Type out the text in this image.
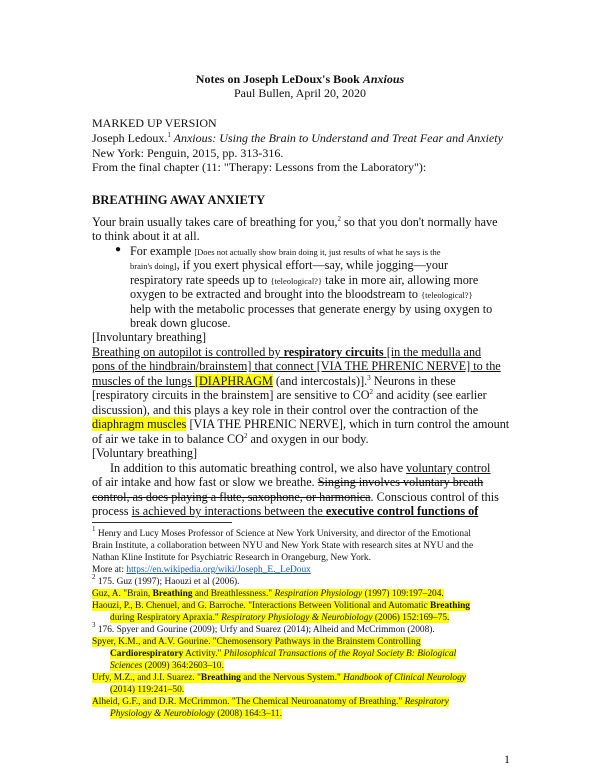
Notes on Joseph LeDoux's Book Anxious
Paul Bullen, April 20, 2020
MARKED UP VERSION
Joseph Ledoux.$^1$ Anxious: Using the Brain to Understand and Treat Fear and Anxiety
New York: Penguin, 2015, pp. 313-316.
From the final chapter (11: "Therapy: Lessons from the Laboratory"):
BREATHING AWAY ANXIETY
Your brain usually takes care of breathing for you,$^2$ so that you don't normally have
to think about it at all.
● For example [Does not actually show brain doing it, just results of what he says is the
brain's doing], if you exert physical effort—say, while jogging—your
respiratory rate speeds up to {teleological?} take in more air, allowing more
oxygen to be extracted and brought into the bloodstream to {teleological?}
help with the metabolic processes that generate energy by using oxygen to
break down glucose.
[Involuntary breathing]
Breathing on autopilot is controlled by respiratory circuits [in the medulla and
pons of the hindbrain/brainstem] that connect [VIA THE PHRENIC NERVE] to the
muscles of the lungs [DIAPHRAGM (and intercostals)].$^3$ Neurons in these
[respiratory circuits in the brainstem] are sensitive to $CO^2$ and acidity (see earlier
discussion), and this plays a key role in their control over the contraction of the
diaphragm muscles [VIA THE PHRENIC NERVE], which in turn control the amount
of air we take in to balance $CO^2$ and oxygen in our body.
[Voluntary breathing]
In addition to this automatic breathing control, we also have voluntary control
of air intake and how fast or slow we breathe. Singing involves voluntary breath
control, as does playing a flute, saxophone, or harmonica. Conscious control of this
process is achieved by interactions between the executive control functions of
$^1$ Henry and Lucy Moses Professor of Science at New York University, and director of the Emotional
Brain Institute, a collaboration between NYU and New York State with research sites at NYU and the
Nathan Kline Institute for Psychiatric Research in Orangeburg, New York.
More at: https://en.wikipedia.org/wiki/Joseph_E._LeDoux
$^2$ 175. Guz (1997); Haouzi et al (2006).
Guz, A. "Brain, Breathing and Breathlessness." Respiration Physiology (1997) 109:197–204.
Haouzi, P., B. Chenuel, and G. Barroche. "Interactions Between Volitional and Automatic Breathing
during Respiratory Apraxia." Respiratory Physiology & Neurobiology (2006) 152:169–75.
$^3$ 176. Spyer and Gourine (2009); Urfy and Suarez (2014); Alheid and McCrimmon (2008).
Spyer, K.M., and A.V. Gourine. "Chemosensory Pathways in the Brainstem Controlling
Cardiorespiratory Activity." Philosophical Transactions of the Royal Society B: Biological
Sciences (2009) 364:2603–10.
Urfy, M.Z., and J.I. Suarez. "Breathing and the Nervous System." Handbook of Clinical Neurology
(2014) 119:241–50.
Alheid, G.F., and D.R. McCrimmon. "The Chemical Neuroanatomy of Breathing." Respiratory
Physiology & Neurobiology (2008) 164:3–11.
1
